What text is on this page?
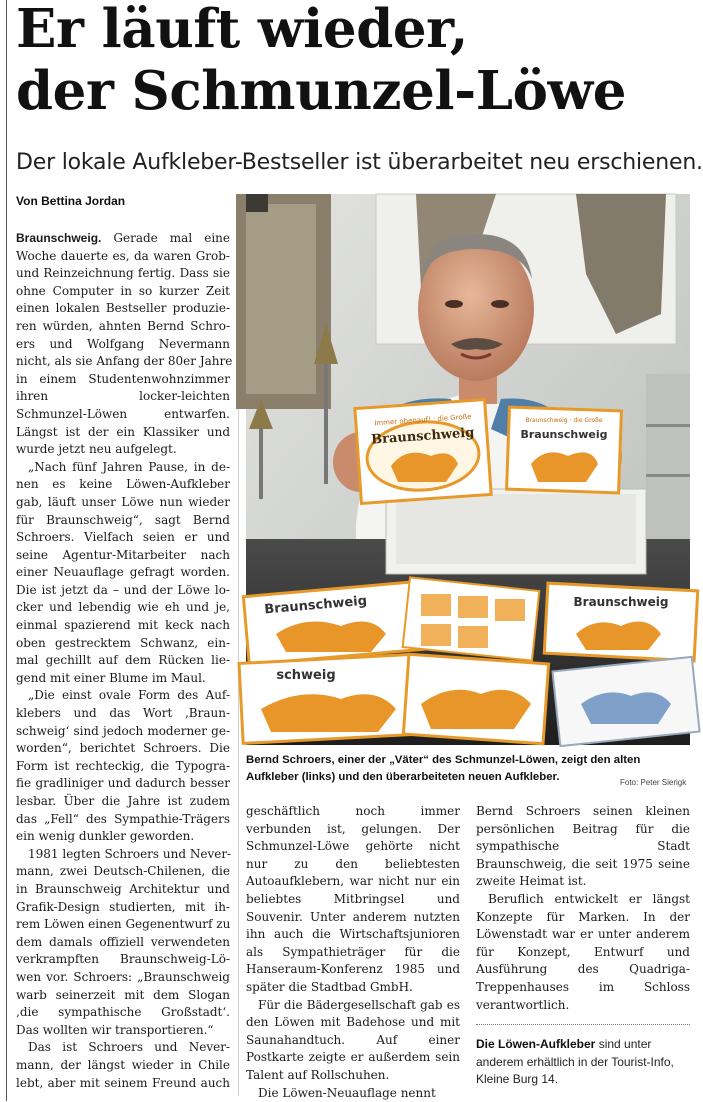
Er läuft wieder,
der Schmunzel-Löwe
Der lokale Aufkleber-Bestseller ist überarbeitet neu erschienen.
Von Bettina Jordan
Braunschweig. Gerade mal eine
Woche dauerte es, da waren Grob-
und Reinzeichnung fertig. Dass sie
ohne Computer in so kurzer Zeit
einen lokalen Bestseller produzie-
ren würden, ahnten Bernd Schro-
ers und Wolfgang Nevermann
nicht, als sie Anfang der 80er Jahre
in einem Studentenwohnzimmer
ihren locker-leichten
Schmunzel-Löwen entwarfen.
Längst ist der ein Klassiker und
wurde jetzt neu aufgelegt.
„Nach fünf Jahren Pause, in de-
nen es keine Löwen-Aufkleber
gab, läuft unser Löwe nun wieder
für Braunschweig“, sagt Bernd
Schroers. Vielfach seien er und
seine Agentur-Mitarbeiter nach
einer Neuauflage gefragt worden.
Die ist jetzt da – und der Löwe lo-
cker und lebendig wie eh und je,
einmal spazierend mit keck nach
oben gestrecktem Schwanz, ein-
mal gechillt auf dem Rücken lie-
gend mit einer Blume im Maul.
„Die einst ovale Form des Auf-
klebers und das Wort ‚Braun-
schweig‘ sind jedoch moderner ge-
worden“, berichtet Schroers. Die
Form ist rechteckig, die Typogra-
fie gradliniger und dadurch besser
lesbar. Über die Jahre ist zudem
das „Fell“ des Sympathie-Trägers
ein wenig dunkler geworden.
1981 legten Schroers und Never-
mann, zwei Deutsch-Chilenen, die
in Braunschweig Architektur und
Grafik-Design studierten, mit ih-
rem Löwen einen Gegenentwurf zu
dem damals offiziell verwendeten
verkrampften Braunschweig-Lö-
wen vor. Schroers: „Braunschweig
warb seinerzeit mit dem Slogan
‚die sympathische Großstadt‘.
Das wollten wir transportieren.“
Das ist Schroers und Never-
mann, der längst wieder in Chile
lebt, aber mit seinem Freund auch
Immer obenauf! · die Große
Braunschweig
Braunschweig · die Große
Braunschweig
Braunschweig	Braunschweig
schweig
Bernd Schroers, einer der „Väter“ des Schmunzel-Löwen, zeigt den alten Aufkleber (links) und den überarbeiteten neuen Aufkleber.	Foto: Peter Sierigk

geschäftlich noch immer verbunden ist, gelungen. Der Schmunzel-Löwe gehörte nicht nur zu den beliebtesten Autoaufklebern, war nicht nur ein beliebtes Mitbringsel und Souvenir. Unter anderem nutzten ihn auch die Wirtschaftsjunioren als Sympathieträger für die Hanseraum-Konferenz 1985 und später die Stadtbad GmbH.

Für die Bädergesellschaft gab es den Löwen mit Badehose und mit Saunahandtuch. Auf einer Postkarte zeigte er außerdem sein Talent auf Rollschuhen.

Die Löwen-Neuauflage nennt

Bernd Schroers seinen kleinen persönlichen Beitrag für die sympathische Stadt Braunschweig, die seit 1975 seine zweite Heimat ist.

Beruflich entwickelt er längst Konzepte für Marken. In der Löwenstadt war er unter anderem für Konzept, Entwurf und Ausführung des Quadriga-Treppenhauses im Schloss verantwortlich.

Die Löwen-Aufkleber sind unter anderem erhältlich in der Tourist-Info, Kleine Burg 14.
